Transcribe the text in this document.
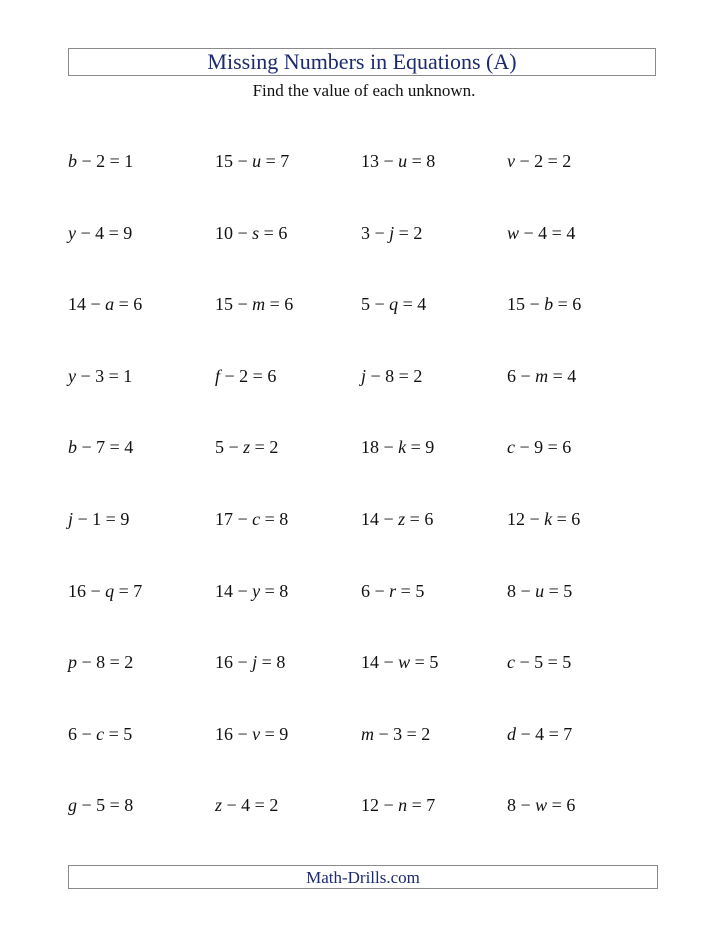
Missing Numbers in Equations (A)
Find the value of each unknown.
b − 2 = 1	15 − u = 7	13 − u = 8	v − 2 = 2
y − 4 = 9	10 − s = 6	3 − j = 2	w − 4 = 4
14 − a = 6	15 − m = 6	5 − q = 4	15 − b = 6
y − 3 = 1	f − 2 = 6	j − 8 = 2	6 − m = 4
b − 7 = 4	5 − z = 2	18 − k = 9	c − 9 = 6
j − 1 = 9	17 − c = 8	14 − z = 6	12 − k = 6
16 − q = 7	14 − y = 8	6 − r = 5	8 − u = 5
p − 8 = 2	16 − j = 8	14 − w = 5	c − 5 = 5
6 − c = 5	16 − v = 9	m − 3 = 2	d − 4 = 7
g − 5 = 8	z − 4 = 2	12 − n = 7	8 − w = 6
Math-Drills.com
